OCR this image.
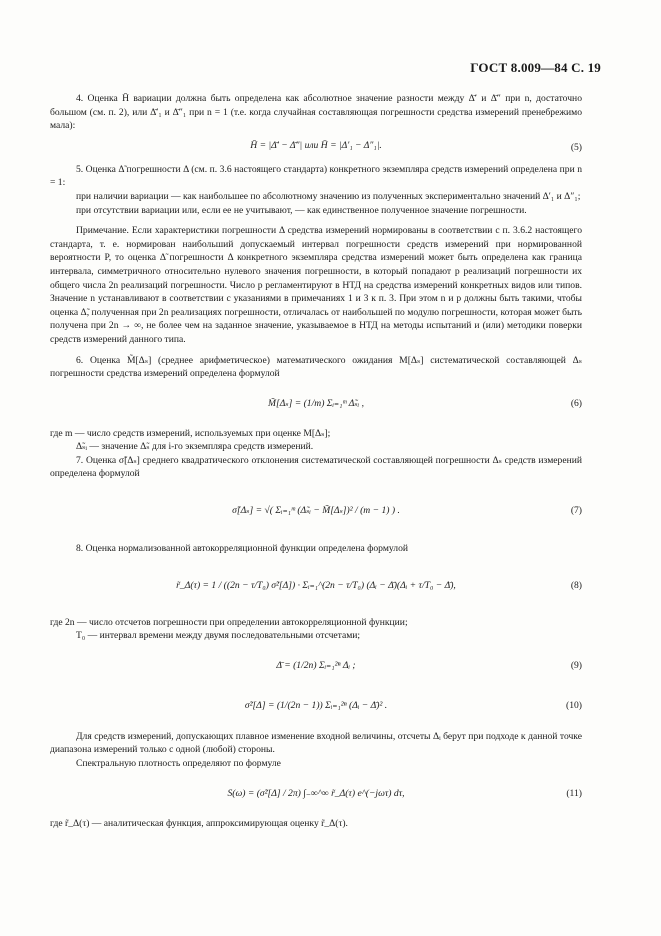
ГОСТ 8.009—84 С. 19

4. Оценка H̄ вариации должна быть определена как абсолютное значение разности между Δ̄′ и Δ̄″ при n, достаточно большом (см. п. 2), или Δ̄′₁ и Δ̄″₁ при n = 1 (т.е. когда случайная составляющая погрешности средства измерений пренебрежимо мала):

H̄ = |Δ̄′ − Δ̄″| или H̄ = |Δ′₁ − Δ″₁|.	(5)

5. Оценка Δ̃ погрешности Δ (см. п. 3.6 настоящего стандарта) конкретного экземпляра средств измерений определена при n = 1:

при наличии вариации — как наибольшее по абсолютному значению из полученных экспериментально значений Δ′₁ и Δ″₁;

при отсутствии вариации или, если ее не учитывают, — как единственное полученное значение погрешности.

Примечание. Если характеристики погрешности Δ средства измерений нормированы в соответствии с п. 3.6.2 настоящего стандарта, т. е. нормирован наибольший допускаемый интервал погрешности средств измерений при нормированной вероятности P, то оценка Δ̃ погрешности Δ конкретного экземпляра средства измерений может быть определена как граница интервала, симметричного относительно нулевого значения погрешности, в который попадают p реализаций погрешности их общего числа 2n реализаций погрешности. Число p регламентируют в НТД на средства измерений конкретных видов или типов. Значение n устанавливают в соответствии с указаниями в примечаниях 1 и 3 к п. 3. При этом n и p должны быть такими, чтобы оценка Δ̃, полученная при 2n реализациях погрешности, отличалась от наибольшей по модулю погрешности, которая может быть получена при 2n → ∞, не более чем на заданное значение, указываемое в НТД на методы испытаний и (или) методики поверки средств измерений данного типа.

6. Оценка M̃[Δₛ] (среднее арифметическое) математического ожидания M[Δₛ] систематической составляющей Δₛ погрешности средства измерений определена формулой

M̃[Δₛ] = (1/m) Σᵢ₌₁ᵐ Δ̃ₛᵢ ,	(6)

где m — число средств измерений, используемых при оценке M[Δₛ];

Δ̃ₛᵢ — значение Δ̃ₛ для i-го экземпляра средств измерений.

7. Оценка σ̃[Δₛ] среднего квадратического отклонения систематической составляющей погрешности Δₛ средств измерений определена формулой

σ̃[Δₛ] = √( Σᵢ₌₁ᵐ (Δ̃ₛᵢ − M̃[Δₛ])² / (m − 1) ) .	(7)

8. Оценка нормализованной автокорреляционной функции определена формулой

r̃_Δ(τ) = 1 / ((2n − τ/T₀) σ̃²[Δ]) · Σᵢ₌₁^(2n − τ/T₀) (Δᵢ − Δ̄)(Δᵢ + τ/T₀ − Δ̄),	(8)

где 2n — число отсчетов погрешности при определении автокорреляционной функции;

T₀ — интервал времени между двумя последовательными отсчетами;

Δ̄ = (1/2n) Σᵢ₌₁²ⁿ Δᵢ ;	(9)
σ̃²[Δ] = (1/(2n − 1)) Σᵢ₌₁²ⁿ (Δᵢ − Δ̄)² .	(10)

Для средств измерений, допускающих плавное изменение входной величины, отсчеты Δᵢ берут при подходе к данной точке диапазона измерений только с одной (любой) стороны.

Спектральную плотность определяют по формуле

S(ω) = (σ̃²[Δ] / 2π) ∫₋∞^∞ r̃_Δ(τ) e^(−jωτ) dτ,	(11)

где r̃_Δ(τ) — аналитическая функция, аппроксимирующая оценку r̃_Δ(τ).
